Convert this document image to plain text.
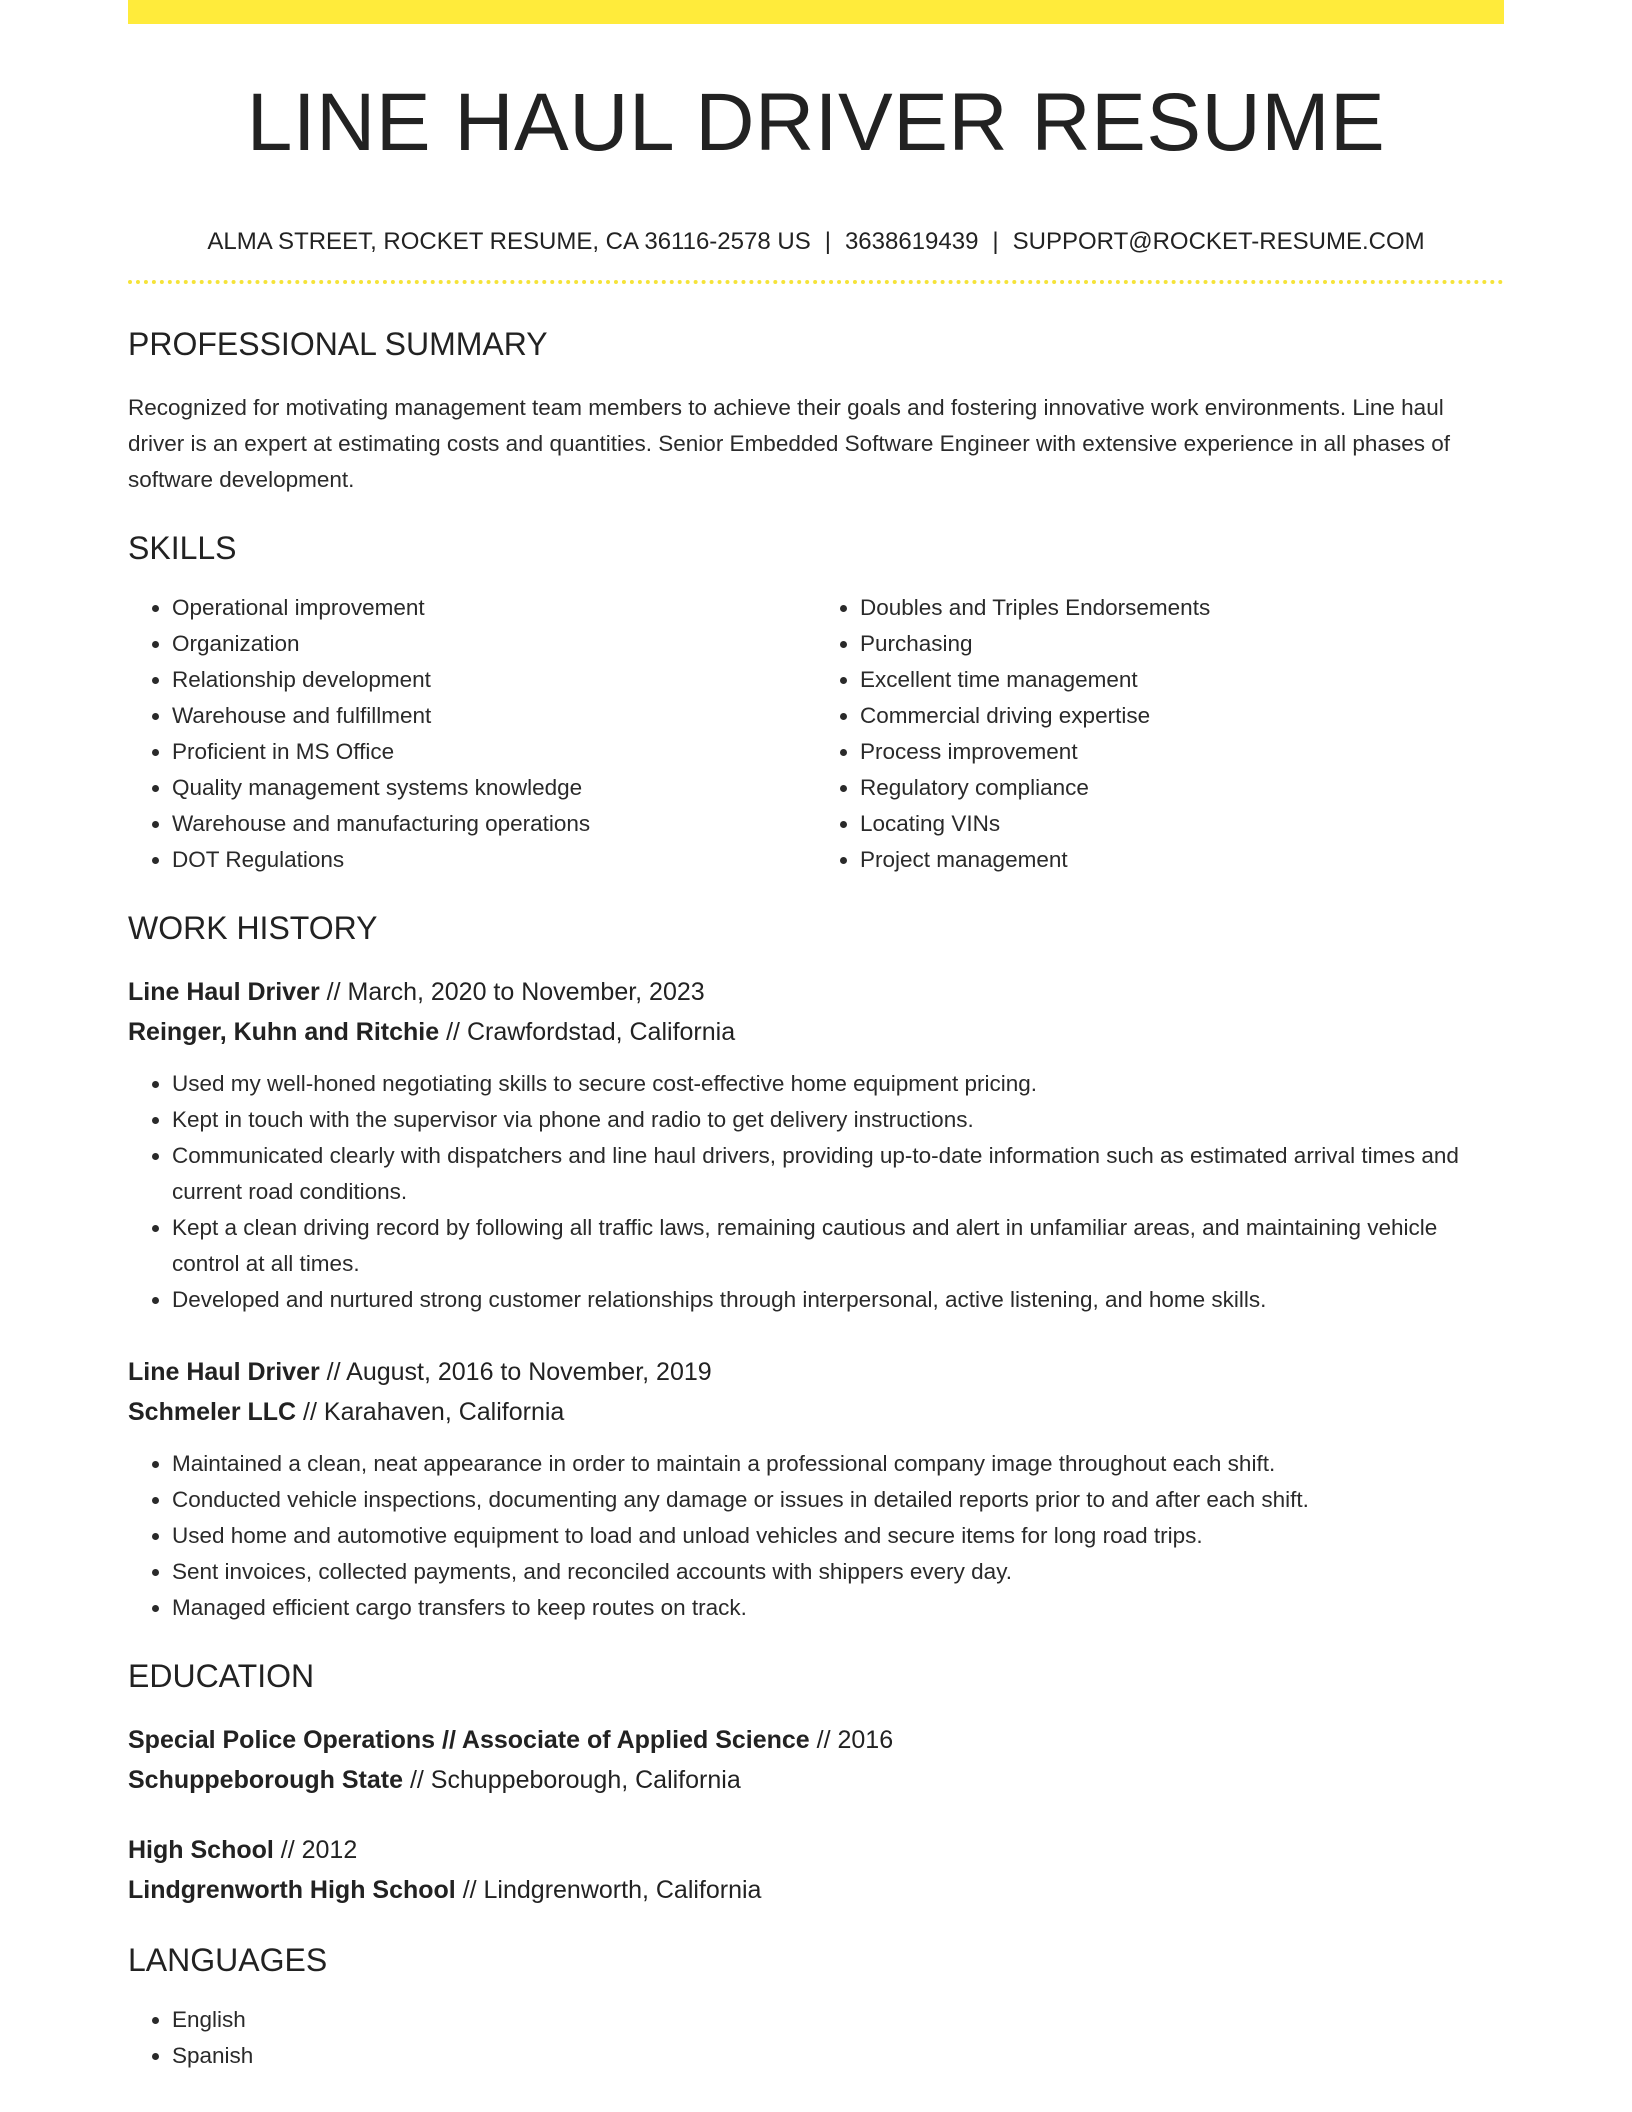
LINE HAUL DRIVER RESUME
ALMA STREET, ROCKET RESUME, CA 36116-2578 US | 3638619439 | SUPPORT@ROCKET-RESUME.COM
PROFESSIONAL SUMMARY

Recognized for motivating management team members to achieve their goals and fostering innovative work environments. Line haul driver is an expert at estimating costs and quantities. Senior Embedded Software Engineer with extensive experience in all phases of software development.

SKILLS
• Operational improvement
• Organization
• Relationship development
• Warehouse and fulfillment
• Proficient in MS Office
• Quality management systems knowledge
• Warehouse and manufacturing operations
• DOT Regulations
• Doubles and Triples Endorsements
• Purchasing
• Excellent time management
• Commercial driving expertise
• Process improvement
• Regulatory compliance
• Locating VINs
• Project management
WORK HISTORY
Line Haul Driver // March, 2020 to November, 2023
Reinger, Kuhn and Ritchie // Crawfordstad, California
• Used my well-honed negotiating skills to secure cost-effective home equipment pricing.
• Kept in touch with the supervisor via phone and radio to get delivery instructions.
• Communicated clearly with dispatchers and line haul drivers, providing up-to-date information such as estimated arrival times and current road conditions.
• Kept a clean driving record by following all traffic laws, remaining cautious and alert in unfamiliar areas, and maintaining vehicle control at all times.
• Developed and nurtured strong customer relationships through interpersonal, active listening, and home skills.
Line Haul Driver // August, 2016 to November, 2019
Schmeler LLC // Karahaven, California
• Maintained a clean, neat appearance in order to maintain a professional company image throughout each shift.
• Conducted vehicle inspections, documenting any damage or issues in detailed reports prior to and after each shift.
• Used home and automotive equipment to load and unload vehicles and secure items for long road trips.
• Sent invoices, collected payments, and reconciled accounts with shippers every day.
• Managed efficient cargo transfers to keep routes on track.
EDUCATION
Special Police Operations // Associate of Applied Science // 2016
Schuppeborough State // Schuppeborough, California
High School // 2012
Lindgrenworth High School // Lindgrenworth, California
LANGUAGES
• English
• Spanish
